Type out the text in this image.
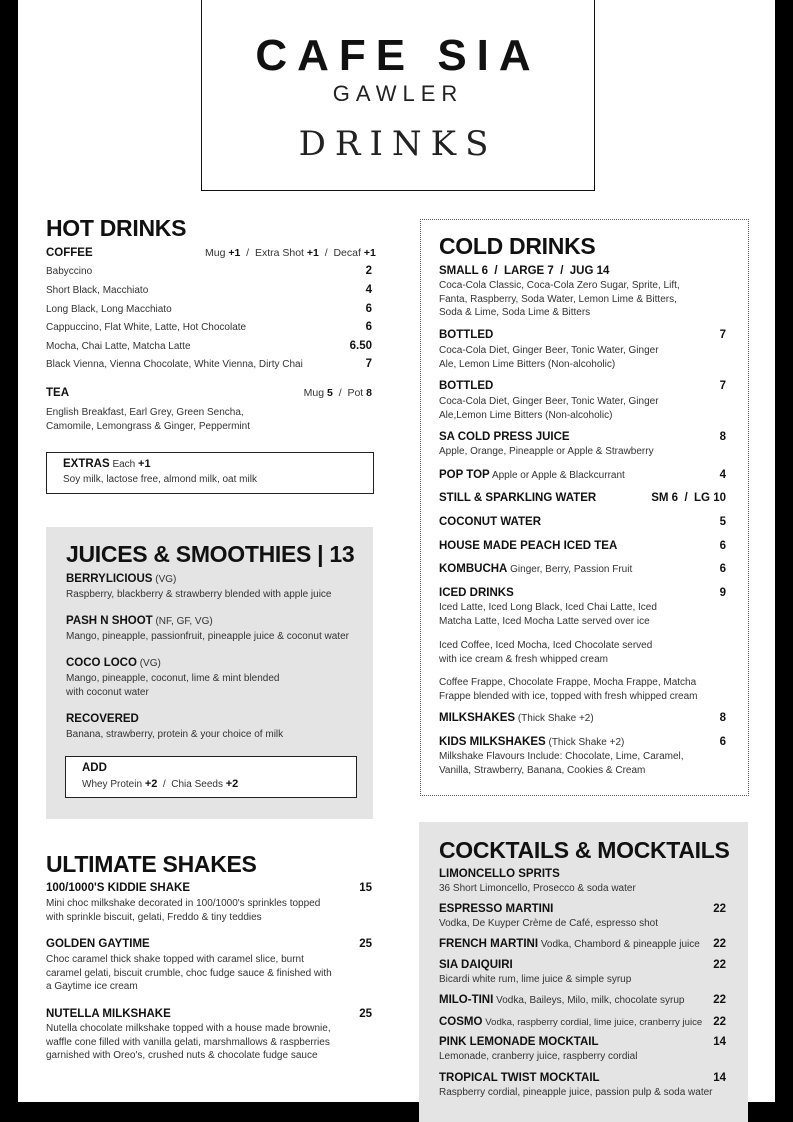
CAFE SIA
GAWLER
DRINKS
HOT DRINKS
COFFEE	Mug +1  /  Extra Shot +1  /  Decaf +1
Babyccino	2
Short Black, Macchiato	4
Long Black, Long Macchiato	6
Cappuccino, Flat White, Latte, Hot Chocolate	6
Mocha, Chai Latte, Matcha Latte	6.50
Black Vienna, Vienna Chocolate, White Vienna, Dirty Chai	7
TEA	Mug 5  /  Pot 8
English Breakfast, Earl Grey, Green Sencha, Camomile, Lemongrass & Ginger, Peppermint
EXTRAS Each +1
Soy milk, lactose free, almond milk, oat milk
JUICES & SMOOTHIES | 13
BERRYLICIOUS (VG)
Raspberry, blackberry & strawberry blended with apple juice
PASH N SHOOT (NF, GF, VG)
Mango, pineapple, passionfruit, pineapple juice & coconut water
COCO LOCO (VG)
Mango, pineapple, coconut, lime & mint blended with coconut water
RECOVERED
Banana, strawberry, protein & your choice of milk
ADD
Whey Protein +2  /  Chia Seeds +2
ULTIMATE SHAKES
100/1000'S KIDDIE SHAKE	15
Mini choc milkshake decorated in 100/1000's sprinkles topped with sprinkle biscuit, gelati, Freddo & tiny teddies
GOLDEN GAYTIME	25
Choc caramel thick shake topped with caramel slice, burnt caramel gelati, biscuit crumble, choc fudge sauce & finished with a Gaytime ice cream
NUTELLA MILKSHAKE	25
Nutella chocolate milkshake topped with a house made brownie, waffle cone filled with vanilla gelati, marshmallows & raspberries garnished with Oreo's, crushed nuts & chocolate fudge sauce
COLD DRINKS
SMALL 6  /  LARGE 7  /  JUG 14
Coca-Cola Classic, Coca-Cola Zero Sugar, Sprite, Lift, Fanta, Raspberry, Soda Water, Lemon Lime & Bitters, Soda & Lime, Soda Lime & Bitters
BOTTLED	7
Coca-Cola Diet, Ginger Beer, Tonic Water, Ginger Ale, Lemon Lime Bitters (Non-alcoholic)
BOTTLED	7
Coca-Cola Diet, Ginger Beer, Tonic Water, Ginger Ale,Lemon Lime Bitters (Non-alcoholic)
SA COLD PRESS JUICE	8
Apple, Orange, Pineapple or Apple & Strawberry
POP TOP Apple or Apple & Blackcurrant	4
STILL & SPARKLING WATER	SM 6  /  LG 10
COCONUT WATER	5
HOUSE MADE PEACH ICED TEA	6
KOMBUCHA Ginger, Berry, Passion Fruit	6
ICED DRINKS	9
Iced Latte, Iced Long Black, Iced Chai Latte, Iced Matcha Latte, Iced Mocha Latte served over ice
Iced Coffee, Iced Mocha, Iced Chocolate served with ice cream & fresh whipped cream
Coffee Frappe, Chocolate Frappe, Mocha Frappe, Matcha Frappe blended with ice, topped with fresh whipped cream
MILKSHAKES (Thick Shake +2)	8
KIDS MILKSHAKES (Thick Shake +2)	6
Milkshake Flavours Include: Chocolate, Lime, Caramel, Vanilla, Strawberry, Banana, Cookies & Cream
COCKTAILS & MOCKTAILS
LIMONCELLO SPRITS
36 Short Limoncello, Prosecco & soda water
ESPRESSO MARTINI	22
Vodka, De Kuyper Crème de Café, espresso shot
FRENCH MARTINI Vodka, Chambord & pineapple juice	22
SIA DAIQUIRI	22
Bicardi white rum, lime juice & simple syrup
MILO-TINI Vodka, Baileys, Milo, milk, chocolate syrup	22
COSMO Vodka, raspberry cordial, lime juice, cranberry juice 22
PINK LEMONADE MOCKTAIL	14
Lemonade, cranberry juice, raspberry cordial
TROPICAL TWIST MOCKTAIL	14
Raspberry cordial, pineapple juice, passion pulp & soda water
